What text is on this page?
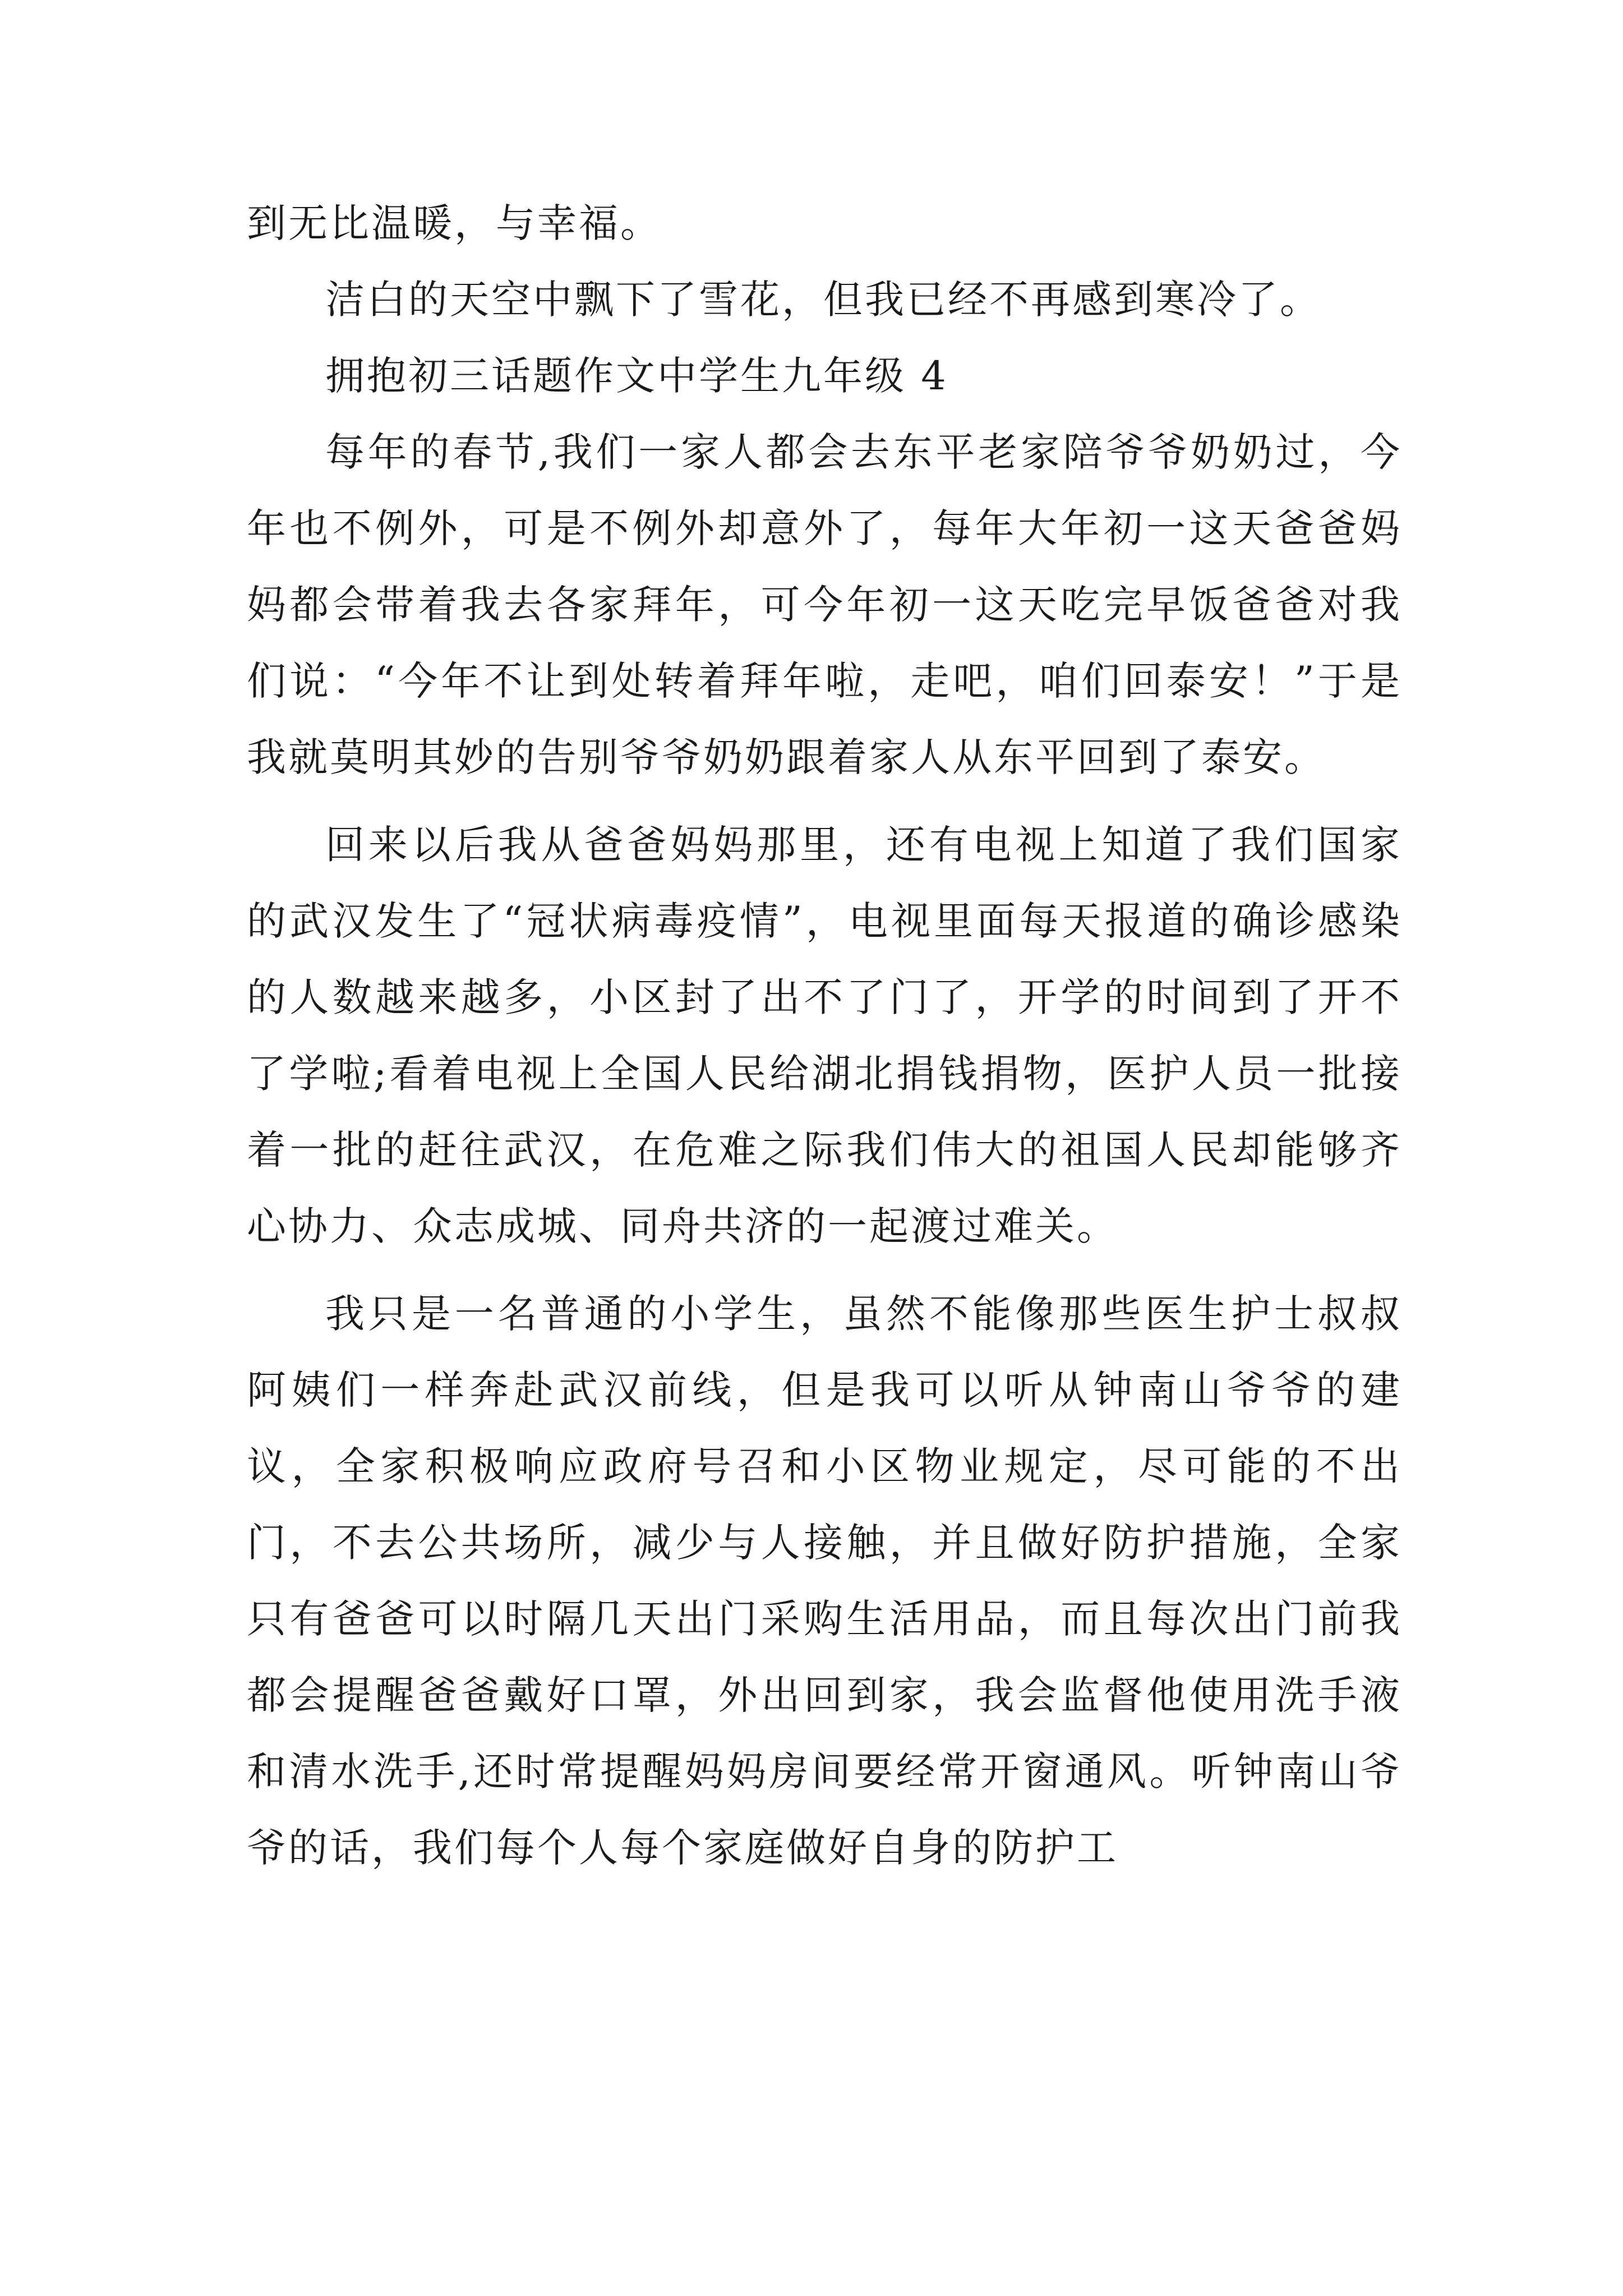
到无比温暖，与幸福。

洁白的天空中飘下了雪花，但我已经不再感到寒冷了。

拥抱初三话题作文中学生九年级 4

每年的春节,我们一家人都会去东平老家陪爷爷奶奶过，今年也不例外，可是不例外却意外了，每年大年初一这天爸爸妈妈都会带着我去各家拜年，可今年初一这天吃完早饭爸爸对我们说：“今年不让到处转着拜年啦，走吧，咱们回泰安！”于是我就莫明其妙的告别爷爷奶奶跟着家人从东平回到了泰安。

回来以后我从爸爸妈妈那里，还有电视上知道了我们国家的武汉发生了“冠状病毒疫情”，电视里面每天报道的确诊感染的人数越来越多，小区封了出不了门了，开学的时间到了开不了学啦;看着电视上全国人民给湖北捐钱捐物，医护人员一批接着一批的赶往武汉，在危难之际我们伟大的祖国人民却能够齐心协力、众志成城、同舟共济的一起渡过难关。

我只是一名普通的小学生，虽然不能像那些医生护士叔叔阿姨们一样奔赴武汉前线，但是我可以听从钟南山爷爷的建议，全家积极响应政府号召和小区物业规定，尽可能的不出门，不去公共场所，减少与人接触，并且做好防护措施，全家只有爸爸可以时隔几天出门采购生活用品，而且每次出门前我都会提醒爸爸戴好口罩，外出回到家，我会监督他使用洗手液和清水洗手,还时常提醒妈妈房间要经常开窗通风。听钟南山爷爷的话，我们每个人每个家庭做好自身的防护工
